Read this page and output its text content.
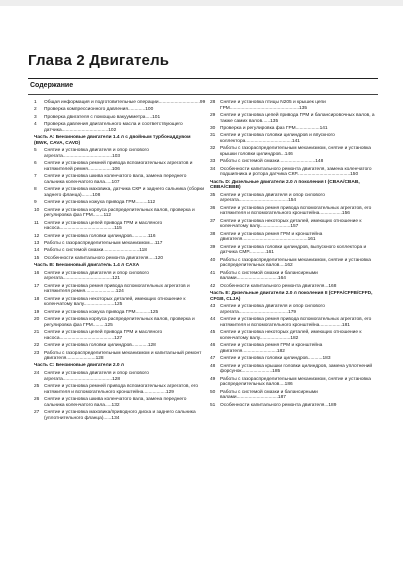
Глава 2 Двигатель
Содержание
1	Общая информация и подготовительные операции...............................99
2	Проверка компрессионного давления.............100
3	Проверка двигателя с помощью вакуумметра.....101
4	Проверка давления двигательного масла и соответствующего датчика...................................102
Часть А: Бензиновые двигатели 1.4 л с двойным турбонаддувом (BWK, CAVA, CAVD)
5	Снятие и установка двигателя и опор силового агрегата.....................................103
6	Снятие и установка ремней привода вспомогательных агрегатов и натяжителей ремня..................106
7	Снятие и установка шкива коленчатого вала, замена переднего сальника коленчатого вала.....107
8	Снятие и установка маховика, датчика СКР и заднего сальника (сборки заднего фланца)........108
9	Снятие и установка кожуха привода ГРМ.........112
10 Снятие и установка корпуса распределительных валов, проверка и регулировка фаз ГРМ........112
11	Снятие и установка цепей привода ГРМ и масляного насоса.........................................115
12 Снятие и установка головки цилиндров............116
13 Работы с газораспределительным механизмом....117
14 Работы с системой смазки...........................118
15 Особенности капитального ремонта двигателя.....120
Часть В: Бензиновый двигатель 1.4 л CAXA
16 Снятие и установка двигателя и опор силового агрегата.....................................121
17 Снятие и установка ремня привода вспомогательных агрегатов и натяжителя ремня.......................124
18 Снятие и установка некоторых деталей, имеющих отношение к коленчатому валу.......................125
19 Снятие и установка кожуха привода ГРМ...........125
20 Снятие и установка корпуса распределительных валов, проверка и регулировка фаз ГРМ.........125
21 Снятие и установка цепей привода ГРМ и масляного насоса.........................................127
22 Снятие и установка головки цилиндров............128
23 Работы с газораспределительным механизмом и капитальный ремонт двигателя......................128
Часть С: Бензиновые двигатели 2.0 л
24 Снятие и установка двигателя и опор силового агрегата.....................................128
25 Снятие и установка ремней привода вспомогательных агрегатов, его натяжителя и вспомогательного кронштейна.................129
26 Снятие и установка шкива коленчатого вала, замена переднего сальника коленчатого вала.....132
27 Снятие и установка маховика/приводного диска и заднего сальника (уплотнительного фланца)......134
28 Снятие и установка птицы N205 и крышек цепи ГРМ....................................................135
29 Снятие и установка цепей привода ГРМ и балансировочных валов, а также самих валов......135
30 Проверка и регулировка фаз ГРМ..................141
31 Снятие и установка головки цилиндров и впускного коллектора...................................141
32 Работы с газораспределительным механизмом, снятие и установка крышки головки цилиндров...146
33 Работы с системой смазки...........................148
34 Особенности капитального ремонта двигателя, замена коленчатого подшипника и ротора датчика СКР........................................150
Часть D: Дизельные двигатели 2.0 л поколения I (CBAA/CBAB, CBBA/CBBB)
35 Снятие и установка двигателя и опор силового агрегата.....................................154
36 Снятие и установка ремня привода вспомогательных агрегатов, его натяжителя и вспомогательного кронштейна.................156
37 Снятие и установка некоторых деталей, имеющих отношение к коленчатому валу.......................157
38 Снятие и установка ремня ГРМ и кронштейна двигателя.................................................161
39 Снятие и установка головки цилиндров, выпускного коллектора и датчика СМР.............161
40 Работы с газораспределительным механизмом, снятие и установка распределительных валов....162
41 Работы с системой смазки и балансирными валами...............................164
42 Особенности капитального ремонта двигателя...168
Часть E: Дизельные двигатели 2.0 л поколения II (CFFA/CFFB/CFFD, CFGB, CLJA)
43 Снятие и установка двигателя и опор силового агрегата.....................................179
44 Снятие и установка ремня привода вспомогательных агрегатов, его натяжителя и вспомогательного кронштейна.................181
45 Снятие и установка некоторых деталей, имеющих отношение к коленчатому валу.......................182
46 Снятие и установка ремня ГРМ и кронштейна двигателя..........................182
47 Снятие и установка головки цилиндров...........183
48 Снятие и установка крышки головки цилиндров, замена уплотнений форсунок.......................185
49 Работы с газораспределительным механизмом, снятие и установка распределительных валов....186
50 Работы с системой смазки и балансирными валами...............................187
51 Особенности капитального ремонта двигателя...189
